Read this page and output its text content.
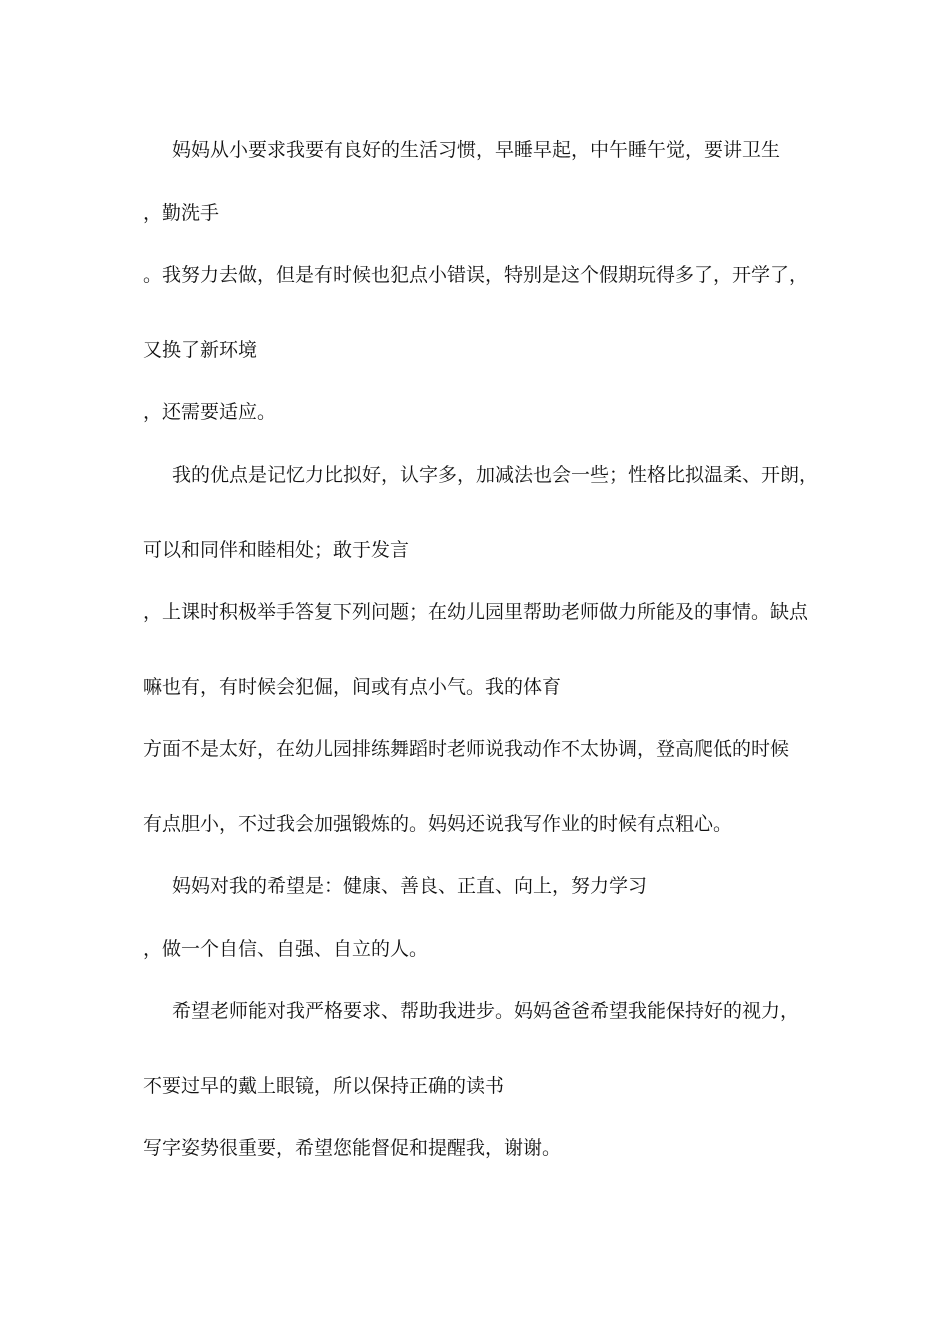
妈妈从小要求我要有良好的生活习惯，早睡早起，中午睡午觉，要讲卫生

，勤洗手

。我努力去做，但是有时候也犯点小错误，特别是这个假期玩得多了，开学了，

又换了新环境

，还需要适应。

我的优点是记忆力比拟好，认字多，加减法也会一些；性格比拟温柔、开朗，

可以和同伴和睦相处；敢于发言

，上课时积极举手答复下列问题；在幼儿园里帮助老师做力所能及的事情。缺点

嘛也有，有时候会犯倔，间或有点小气。我的体育

方面不是太好，在幼儿园排练舞蹈时老师说我动作不太协调，登高爬低的时候

有点胆小，不过我会加强锻炼的。妈妈还说我写作业的时候有点粗心。

妈妈对我的希望是：健康、善良、正直、向上，努力学习

，做一个自信、自强、自立的人。

希望老师能对我严格要求、帮助我进步。妈妈爸爸希望我能保持好的视力，

不要过早的戴上眼镜，所以保持正确的读书

写字姿势很重要，希望您能督促和提醒我，谢谢。
